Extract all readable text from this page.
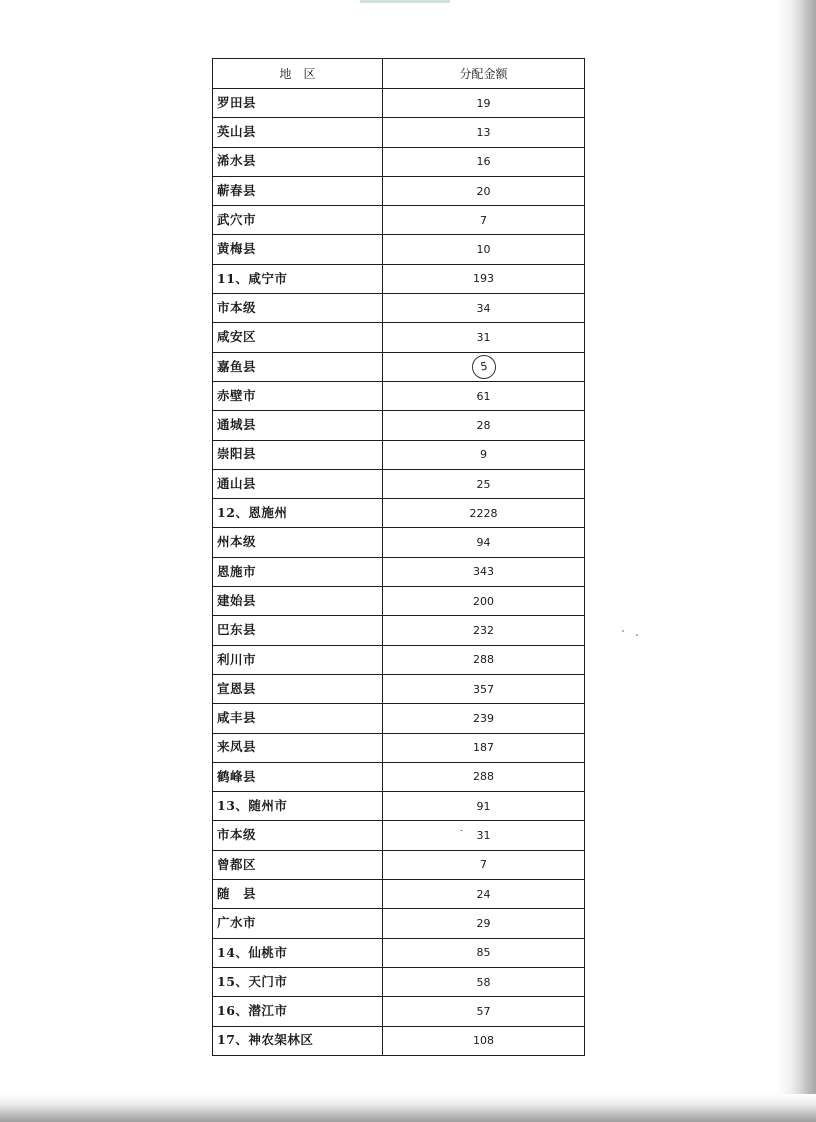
地　区	分配金额
罗田县	19
英山县	13
浠水县	16
蕲春县	20
武穴市	7
黄梅县	10
11、咸宁市	193
市本级	34
咸安区	31
嘉鱼县	5
赤壁市	61
通城县	28
崇阳县	9
通山县	25
12、恩施州	2228
州本级	94
恩施市	343
建始县	200
巴东县	232
利川市	288
宣恩县	357
咸丰县	239
来凤县	187
鹤峰县	288
13、随州市	91
市本级	31
曾都区	7
随　县	24
广水市	29
14、仙桃市	85
15、天门市	58
16、潜江市	57
17、神农架林区	108
